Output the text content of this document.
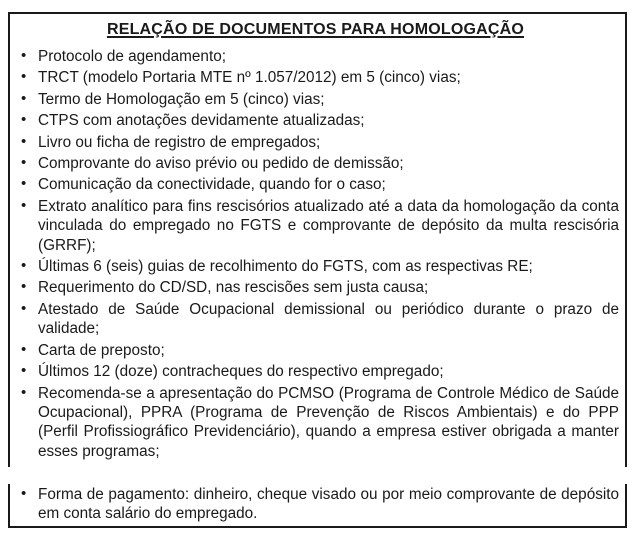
RELAÇÃO DE DOCUMENTOS PARA HOMOLOGAÇÃO
• Protocolo de agendamento;
• TRCT (modelo Portaria MTE nº 1.057/2012) em 5 (cinco) vias;
• Termo de Homologação em 5 (cinco) vias;
• CTPS com anotações devidamente atualizadas;
• Livro ou ficha de registro de empregados;
• Comprovante do aviso prévio ou pedido de demissão;
• Comunicação da conectividade, quando for o caso;
• Extrato analítico para fins rescisórios atualizado até a data da homologação da conta vinculada do empregado no FGTS e comprovante de depósito da multa rescisória (GRRF);
• Últimas 6 (seis) guias de recolhimento do FGTS, com as respectivas RE;
• Requerimento do CD/SD, nas rescisões sem justa causa;
• Atestado de Saúde Ocupacional demissional ou periódico durante o prazo de validade;
• Carta de preposto;
• Últimos 12 (doze) contracheques do respectivo empregado;
• Recomenda-se a apresentação do PCMSO (Programa de Controle Médico de Saúde Ocupacional), PPRA (Programa de Prevenção de Riscos Ambientais) e do PPP (Perfil Profissiográfico Previdenciário), quando a empresa estiver obrigada a manter esses programas;
• Forma de pagamento: dinheiro, cheque visado ou por meio comprovante de depósito em conta salário do empregado.
